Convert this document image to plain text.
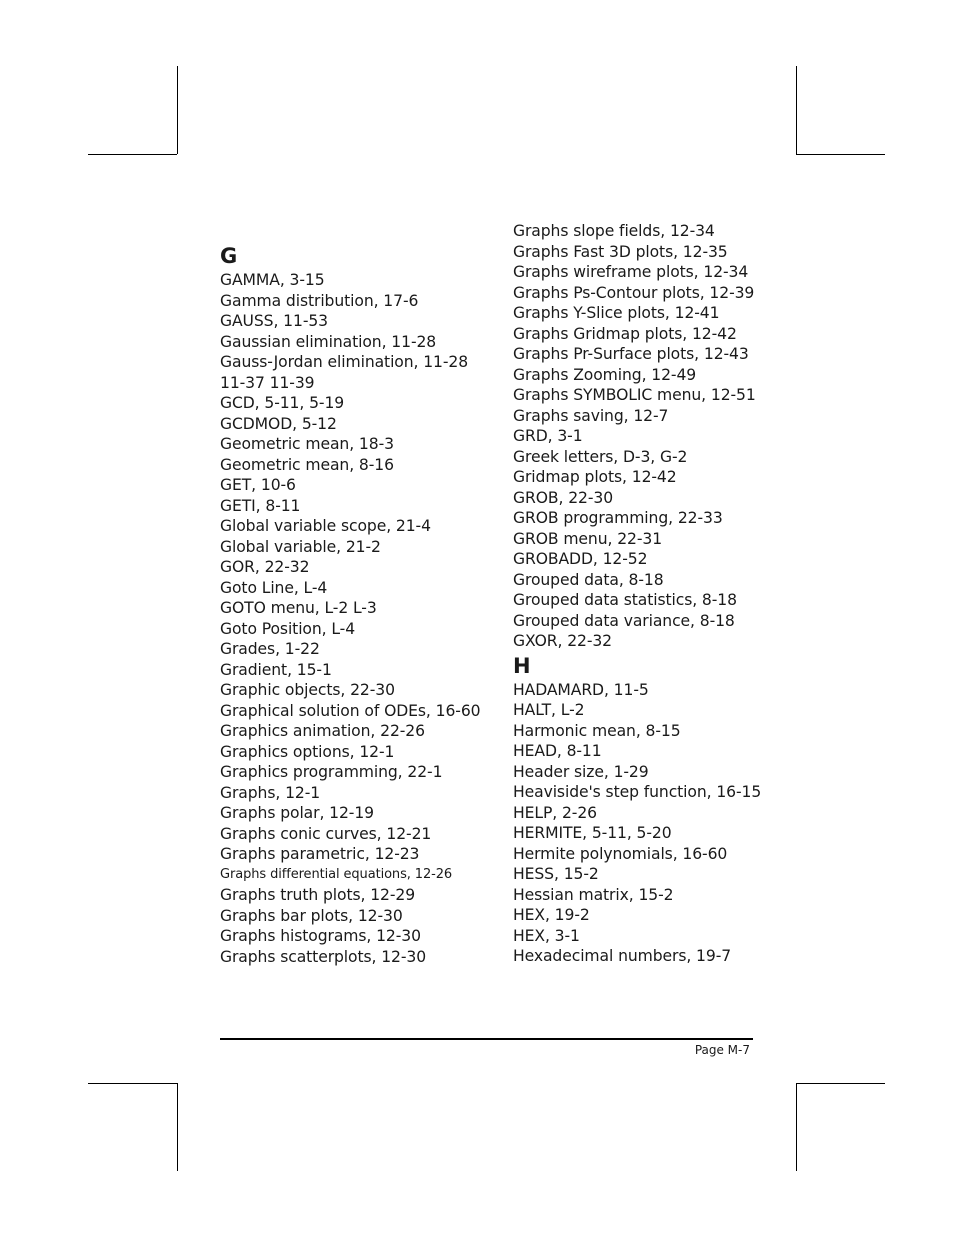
G
GAMMA, 3-15
Gamma distribution, 17-6
GAUSS, 11-53
Gaussian elimination, 11-28
Gauss-Jordan elimination, 11-28
11-37 11-39
GCD, 5-11, 5-19
GCDMOD, 5-12
Geometric mean, 18-3
Geometric mean, 8-16
GET, 10-6
GETI, 8-11
Global variable scope, 21-4
Global variable, 21-2
GOR, 22-32
Goto Line, L-4
GOTO menu, L-2 L-3
Goto Position, L-4
Grades, 1-22
Gradient, 15-1
Graphic objects, 22-30
Graphical solution of ODEs, 16-60
Graphics animation, 22-26
Graphics options, 12-1
Graphics programming, 22-1
Graphs, 12-1
Graphs polar, 12-19
Graphs conic curves, 12-21
Graphs parametric, 12-23
Graphs differential equations, 12-26
Graphs truth plots, 12-29
Graphs bar plots, 12-30
Graphs histograms, 12-30
Graphs scatterplots, 12-30
Graphs slope fields, 12-34
Graphs Fast 3D plots, 12-35
Graphs wireframe plots, 12-34
Graphs Ps-Contour plots, 12-39
Graphs Y-Slice plots, 12-41
Graphs Gridmap plots, 12-42
Graphs Pr-Surface plots, 12-43
Graphs Zooming, 12-49
Graphs SYMBOLIC menu, 12-51
Graphs saving, 12-7
GRD, 3-1
Greek letters, D-3, G-2
Gridmap plots, 12-42
GROB, 22-30
GROB programming, 22-33
GROB menu, 22-31
GROBADD, 12-52
Grouped data, 8-18
Grouped data statistics, 8-18
Grouped data variance, 8-18
GXOR, 22-32
H
HADAMARD, 11-5
HALT, L-2
Harmonic mean, 8-15
HEAD, 8-11
Header size, 1-29
Heaviside's step function, 16-15
HELP, 2-26
HERMITE, 5-11, 5-20
Hermite polynomials, 16-60
HESS, 15-2
Hessian matrix, 15-2
HEX, 19-2
HEX, 3-1
Hexadecimal numbers, 19-7
Page M-7
